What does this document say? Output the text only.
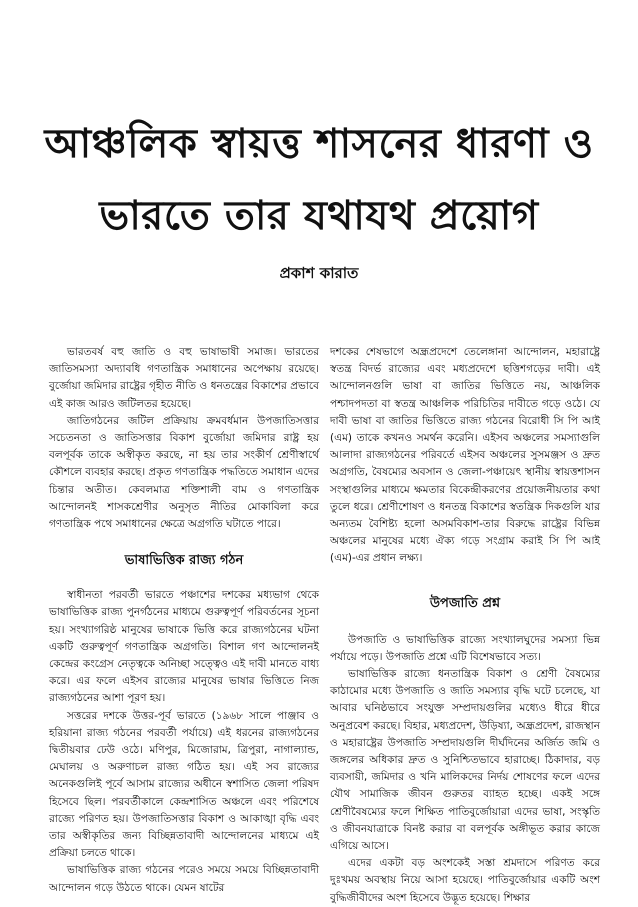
আঞ্চলিক স্বায়ত্ত শাসনের ধারণা ও
ভারতে তার যথাযথ প্রয়োগ
প্রকাশ কারাত

ভারতবর্ষ বহু জাতি ও বহু ভাষাভাষী সমাজ। ভারতের জাতিসমস্যা অদ্যাবধি গণতান্ত্রিক সমাধানের অপেক্ষায় রয়েছে। বুর্জোয়া জমিদার রাষ্ট্রের গৃহীত নীতি ও ধনতন্ত্রের বিকাশের প্রভাবে এই কাজ আরও জটিলতর হয়েছে।

জাতিগঠনের জটিল প্রক্রিয়ায় ক্রমবর্ধমান উপজাতিসত্তার সচেতনতা ও জাতিসত্তার বিকাশ বুর্জোয়া জমিদার রাষ্ট্র হয় বলপূর্বক তাকে অস্বীকৃত করছে, না হয় তার সংকীর্ণ শ্রেণীস্বার্থে কৌশলে ব্যবহার করছে। প্রকৃত গণতান্ত্রিক পদ্ধতিতে সমাধান এদের চিন্তার অতীত। কেবলমাত্র শক্তিশালী বাম ও গণতান্ত্রিক আন্দোলনই শাসকশ্রেণীর অনুসৃত নীতির মোকাবিলা করে গণতান্ত্রিক পথে সমাধানের ক্ষেত্রে অগ্রগতি ঘটাতে পারে।

ভাষাভিত্তিক রাজ্য গঠন

স্বাধীনতা পরবর্তী ভারতে পঞ্চাশের দশকের মধ্যভাগ থেকে ভাষাভিত্তিক রাজ্য পুনর্গঠনের মাধ্যমে গুরুত্বপূর্ণ পরিবর্তনের সূচনা হয়। সংখ্যাগরিষ্ঠ মানুষের ভাষাকে ভিত্তি করে রাজ্যগঠনের ঘটনা একটি গুরুত্বপূর্ণ গণতান্ত্রিক অগ্রগতি। বিশাল গণ আন্দোলনই কেন্দ্রের কংগ্রেস নেতৃত্বকে অনিচ্ছা সত্ত্বেও এই দাবী মানতে বাধ্য করে। এর ফলে এইসব রাজ্যের মানুষের ভাষার ভিত্তিতে নিজ রাজ্যগঠনের আশা পূরণ হয়।

সত্তরের দশকে উত্তর-পূর্ব ভারতে (১৯৬৮ সালে পাঞ্জাব ও হরিয়ানা রাজ্য গঠনের পরবর্তী পর্যায়ে) এই ধরনের রাজ্যগঠনের দ্বিতীয়বার ঢেউ ওঠে। মণিপুর, মিজোরাম, ত্রিপুরা, নাগাল্যান্ড, মেঘালয় ও অরুণাচল রাজ্য গঠিত হয়। এই সব রাজ্যের অনেকগুলিই পূর্বে আসাম রাজ্যের অধীনে স্বশাসিত জেলা পরিষদ হিসেবে ছিল। পরবর্তীকালে কেন্দ্রশাসিত অঞ্চলে এবং পরিশেষে রাজ্যে পরিণত হয়। উপজাতিসত্তার বিকাশ ও আকাঙ্খা বৃদ্ধি এবং তার অস্বীকৃতির জন্য বিচ্ছিন্নতাবাদী আন্দোলনের মাধ্যমে এই প্রক্রিয়া চলতে থাকে।

ভাষাভিত্তিক রাজ্য গঠনের পরেও সময়ে সময়ে বিচ্ছিন্নতাবাদী আন্দোলন গড়ে উঠতে থাকে। যেমন ষাটের

দশকের শেষভাগে অন্ধ্রপ্রদেশে তেলেঙ্গানা আন্দোলন, মহারাষ্ট্রে স্বতন্ত্র বিদর্ভ রাজ্যের এবং মধ্যপ্রদেশে ছত্তিশগড়ের দাবী। এই আন্দোলনগুলি ভাষা বা জাতির ভিত্তিতে নয়, আঞ্চলিক পশ্চাদপদতা বা স্বতন্ত্র আঞ্চলিক পরিচিতির দাবীতে গড়ে ওঠে। যে দাবী ভাষা বা জাতির ভিত্তিতে রাজ্য গঠনের বিরোধী সি পি আই (এম) তাকে কখনও সমর্থন করেনি। এইসব অঞ্চলের সমস্যাগুলি আলাদা রাজ্যগঠনের পরিবর্তে এইসব অঞ্চলের সুসমঞ্জস ও দ্রুত অগ্রগতি, বৈষম্যের অবসান ও জেলা-পঞ্চায়েৎ স্থানীয় স্বায়ত্তশাসন সংস্থাগুলির মাধ্যমে ক্ষমতার বিকেন্দ্রীকরণের প্রয়োজনীয়তার কথা তুলে ধরে। শ্রেণীশোষণ ও ধনতন্ত্র বিকাশের স্বতন্ত্রিক দিকগুলি যার অন্যতম বৈশিষ্ট্য হলো অসমবিকাশ-তার বিরুদ্ধে রাষ্ট্রের বিভিন্ন অঞ্চলের মানুষের মধ্যে ঐক্য গড়ে সংগ্রাম করাই সি পি আই (এম)-এর প্রধান লক্ষ্য।

উপজাতি প্রশ্ন

উপজাতি ও ভাষাভিত্তিক রাজ্যে সংখ্যালঘুদের সমস্যা ভিন্ন পর্যায়ে পড়ে। উপজাতি প্রশ্নে এটি বিশেষভাবে সত্য।

ভাষাভিত্তিক রাজ্যে ধনতান্ত্রিক বিকাশ ও শ্রেণী বৈষম্যের কাঠামোর মধ্যে উপজাতি ও জাতি সমস্যার বৃদ্ধি ঘটে চলেছে, যা আবার ঘনিষ্ঠভাবে সংযুক্ত সম্প্রদায়গুলির মধ্যেও ধীরে ধীরে অনুপ্রবেশ করছে। বিহার, মধ্যপ্রদেশ, উড়িষ্যা, অন্ধ্রপ্রদেশ, রাজস্থান ও মহারাষ্ট্রের উপজাতি সম্প্রদায়গুলি দীর্ঘদিনের অর্জিত জমি ও জঙ্গলের অধিকার দ্রুত ও সুনিশ্চিতভাবে হারাচ্ছে। ঠিকাদার, বড় ব্যবসায়ী, জমিদার ও খনি মালিকদের নির্দয় শোষণের ফলে এদের যৌথ সামাজিক জীবন গুরুতর ব্যাহত হচ্ছে। একই সঙ্গে শ্রেণীবৈষম্যের ফলে শিক্ষিত পাতিবুর্জোয়ারা এদের ভাষা, সংস্কৃতি ও জীবনযাত্রাকে বিনষ্ট করার বা বলপূর্বক অঙ্গীভূত করার কাজে এগিয়ে আসে।

এদের একটা বড় অংশকেই সস্তা শ্রমদাসে পরিণত করে দুঃখময় অবস্থায় নিয়ে আসা হয়েছে। পাতিবুর্জোয়ার একটি অংশ বুদ্ধিজীবীদের অংশ হিসেবে উদ্ভূত হয়েছে। শিক্ষার
